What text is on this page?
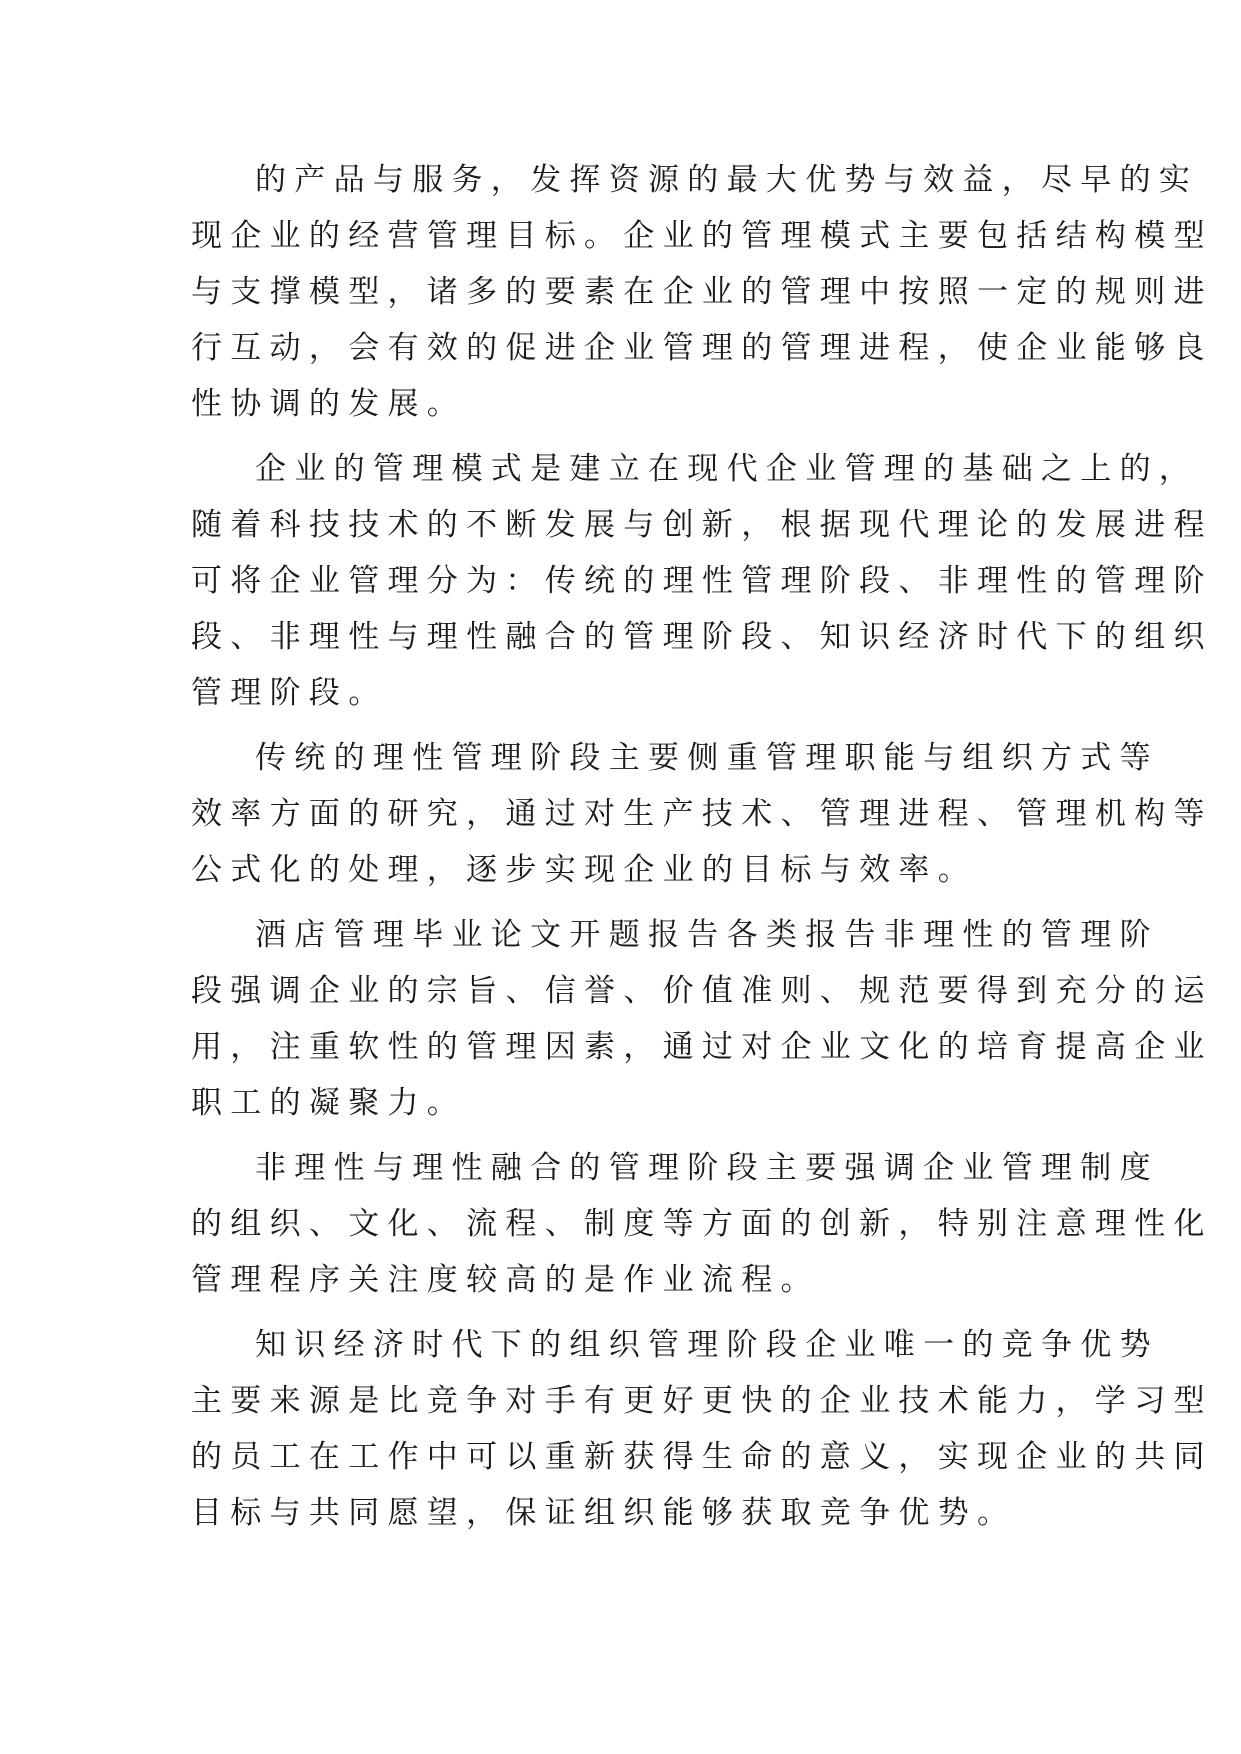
的产品与服务，发挥资源的最大优势与效益，尽早的实
现企业的经营管理目标。企业的管理模式主要包括结构模型
与支撑模型，诸多的要素在企业的管理中按照一定的规则进
行互动，会有效的促进企业管理的管理进程，使企业能够良
性协调的发展。
企业的管理模式是建立在现代企业管理的基础之上的，
随着科技技术的不断发展与创新，根据现代理论的发展进程
可将企业管理分为：传统的理性管理阶段、非理性的管理阶
段、非理性与理性融合的管理阶段、知识经济时代下的组织
管理阶段。
传统的理性管理阶段主要侧重管理职能与组织方式等
效率方面的研究，通过对生产技术、管理进程、管理机构等
公式化的处理，逐步实现企业的目标与效率。
酒店管理毕业论文开题报告各类报告非理性的管理阶
段强调企业的宗旨、信誉、价值准则、规范要得到充分的运
用，注重软性的管理因素，通过对企业文化的培育提高企业
职工的凝聚力。
非理性与理性融合的管理阶段主要强调企业管理制度
的组织、文化、流程、制度等方面的创新，特别注意理性化
管理程序关注度较高的是作业流程。
知识经济时代下的组织管理阶段企业唯一的竞争优势
主要来源是比竞争对手有更好更快的企业技术能力，学习型
的员工在工作中可以重新获得生命的意义，实现企业的共同
目标与共同愿望，保证组织能够获取竞争优势。
